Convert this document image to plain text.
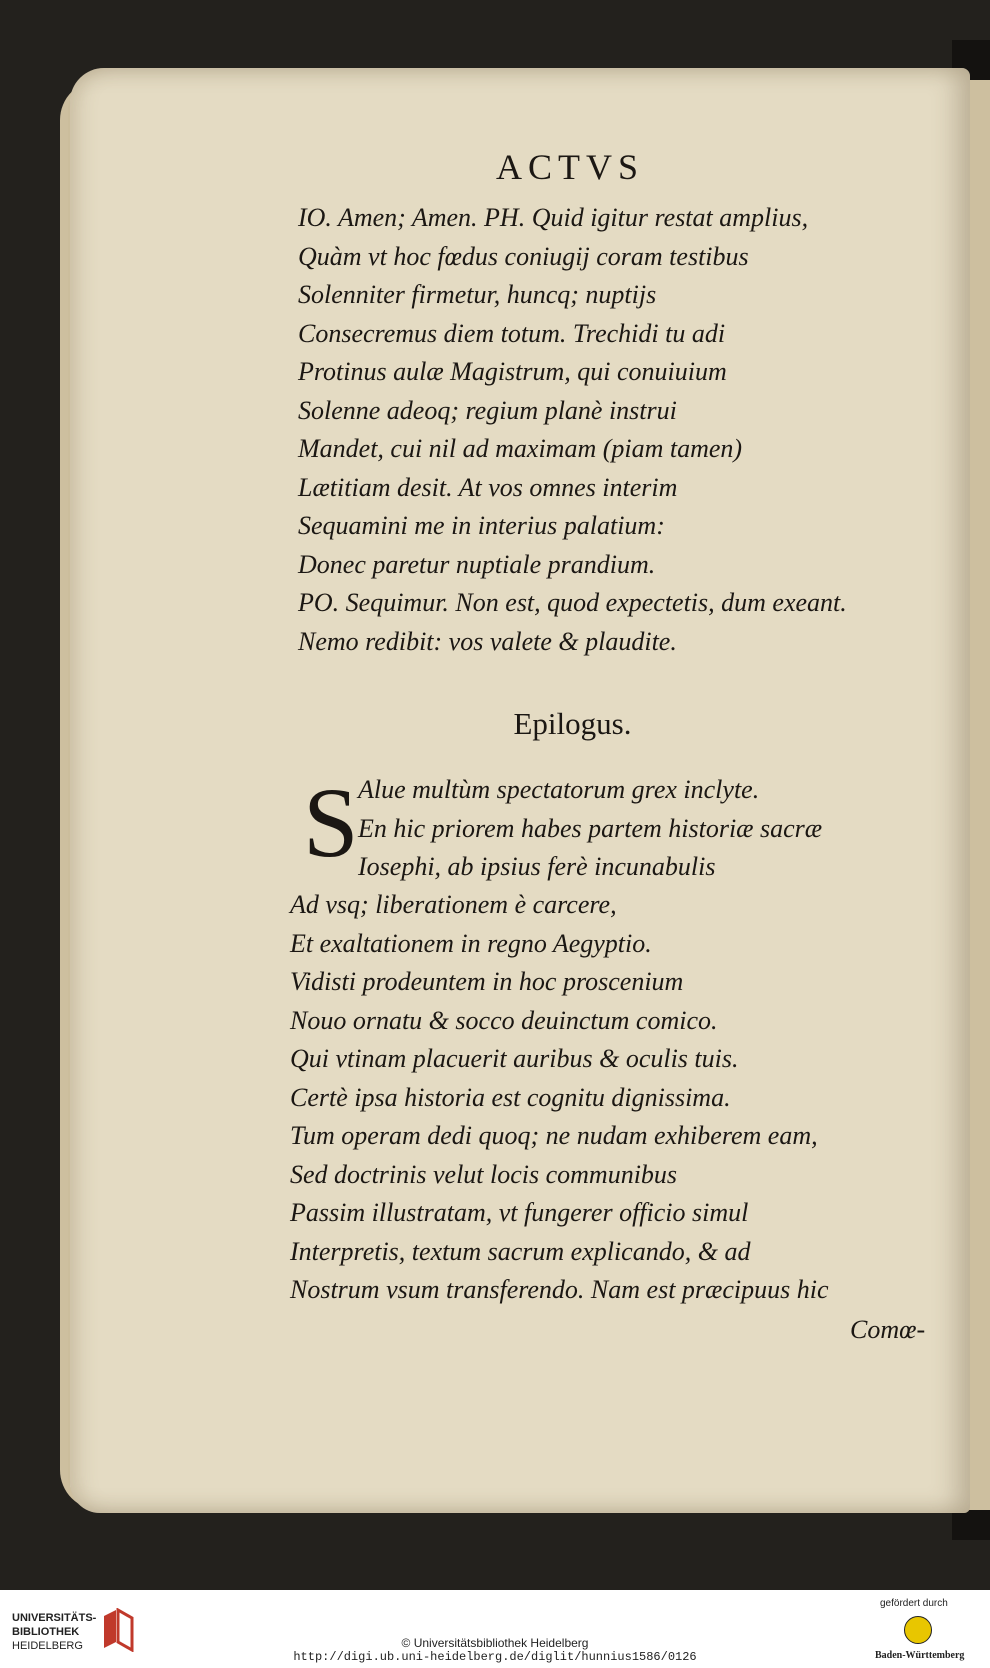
ACTVS
IO. Amen; Amen. PH. Quid igitur restat amplius,
Quàm vt hoc fœdus coniugij coram testibus
Solenniter firmetur, huncq; nuptijs
Consecremus diem totum. Trechidi tu adi
Protinus aulæ Magistrum, qui conuiuium
Solenne adeoq; regium planè instrui
Mandet, cui nil ad maximam (piam tamen)
Lætitiam desit. At vos omnes interim
Sequamini me in interius palatium:
Donec paretur nuptiale prandium.
PO. Sequimur. Non est, quod expectetis, dum exeant.
Nemo redibit: vos valete & plaudite.
Epilogus.
S Alue multùm spectatorum grex inclyte.
En hic priorem habes partem historiæ sacræ
Iosephi, ab ipsius ferè incunabulis
Ad vsq; liberationem è carcere,
Et exaltationem in regno Aegyptio.
Vidisti prodeuntem in hoc proscenium
Nouo ornatu & socco deuinctum comico.
Qui vtinam placuerit auribus & oculis tuis.
Certè ipsa historia est cognitu dignissima.
Tum operam dedi quoq; ne nudam exhiberem eam,
Sed doctrinis velut locis communibus
Passim illustratam, vt fungerer officio simul
Interpretis, textum sacrum explicando, & ad
Nostrum vsum transferendo. Nam est præcipuus hic
Comœ-
UNIVERSITÄTS-
BIBLIOTHEK
HEIDELBERG	© Universitätsbibliothek Heidelberg
http://digi.ub.uni-heidelberg.de/diglit/hunnius1586/0126
gefördert durch
Baden-Württemberg
